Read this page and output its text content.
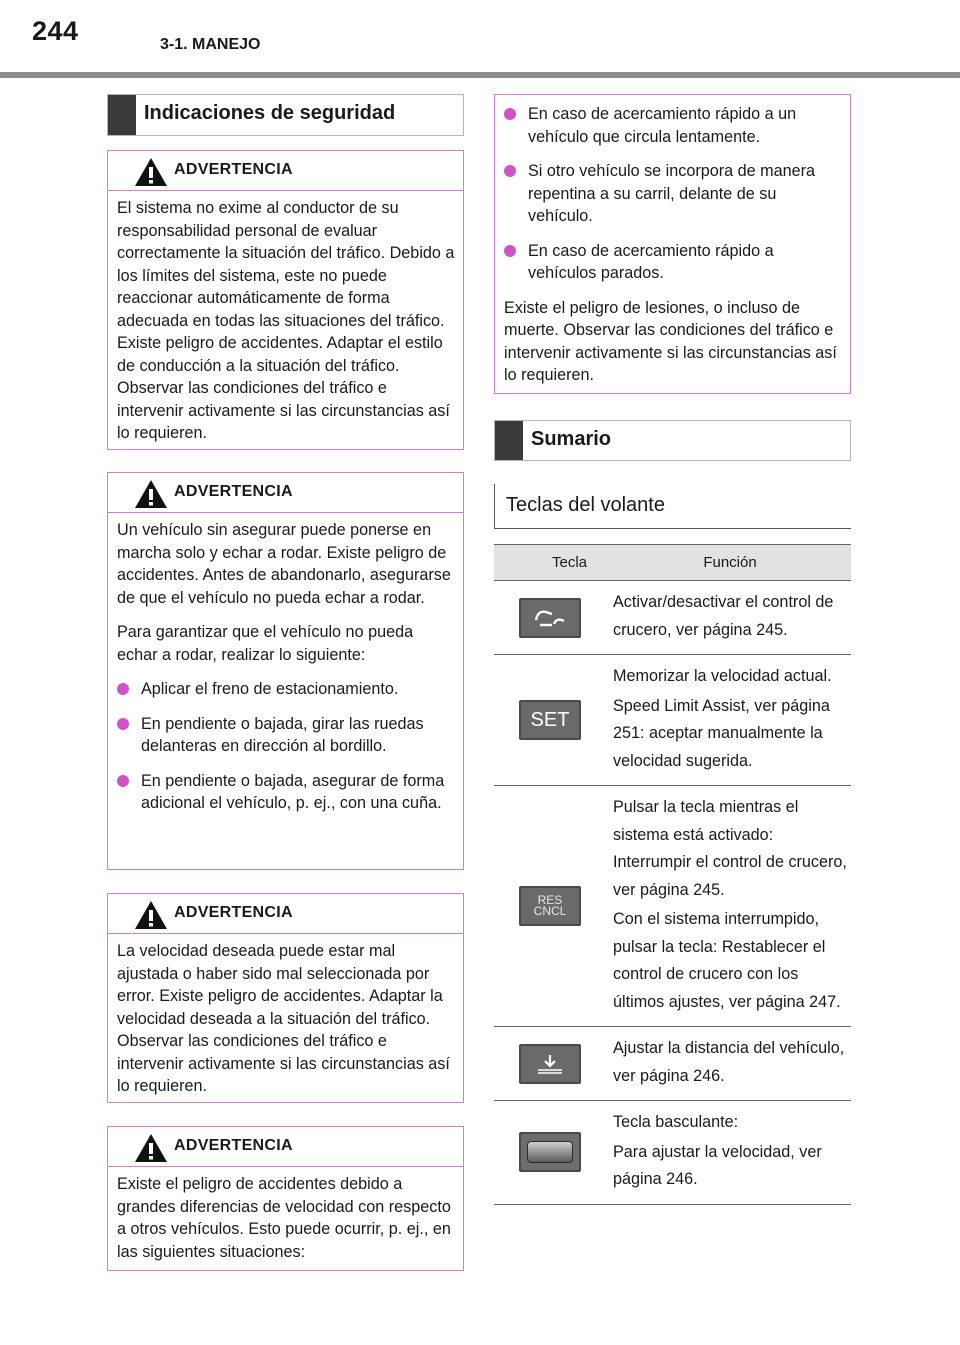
244	3-1. MANEJO
Indicaciones de seguridad
ADVERTENCIA

El sistema no exime al conductor de su responsabilidad personal de evaluar correctamente la situación del tráfico. Debido a los límites del sistema, este no puede reaccionar automáticamente de forma adecuada en todas las situaciones del tráfico. Existe peligro de accidentes. Adaptar el estilo de conducción a la situación del tráfico. Observar las condiciones del tráfico e intervenir activamente si las circunstancias así lo requieren.

ADVERTENCIA

Un vehículo sin asegurar puede ponerse en marcha solo y echar a rodar. Existe peligro de accidentes. Antes de abandonarlo, asegurarse de que el vehículo no pueda echar a rodar.

Para garantizar que el vehículo no pueda echar a rodar, realizar lo siguiente:

Aplicar el freno de estacionamiento.
En pendiente o bajada, girar las ruedas delanteras en dirección al bordillo.
En pendiente o bajada, asegurar de forma adicional el vehículo, p. ej., con una cuña.
ADVERTENCIA

La velocidad deseada puede estar mal ajustada o haber sido mal seleccionada por error. Existe peligro de accidentes. Adaptar la velocidad deseada a la situación del tráfico. Observar las condiciones del tráfico e intervenir activamente si las circunstancias así lo requieren.

ADVERTENCIA

Existe el peligro de accidentes debido a grandes diferencias de velocidad con respecto a otros vehículos. Esto puede ocurrir, p. ej., en las siguientes situaciones:

En caso de acercamiento rápido a un vehículo que circula lentamente.
Si otro vehículo se incorpora de manera repentina a su carril, delante de su vehículo.
En caso de acercamiento rápido a vehículos parados.

Existe el peligro de lesiones, o incluso de muerte. Observar las condiciones del tráfico e intervenir activamente si las circunstancias así lo requieren.

Sumario
Teclas del volante
Tecla	Función

Activar/desactivar el control de crucero, ver página 245.

SET

Memorizar la velocidad actual.

Speed Limit Assist, ver página 251: aceptar manualmente la velocidad sugerida.

RES
CNCL

Pulsar la tecla mientras el sistema está activado: Interrumpir el control de crucero, ver página 245.

Con el sistema interrumpido, pulsar la tecla: Restablecer el control de crucero con los últimos ajustes, ver página 247.

Ajustar la distancia del vehículo, ver página 246.

Tecla basculante:

Para ajustar la velocidad, ver página 246.
